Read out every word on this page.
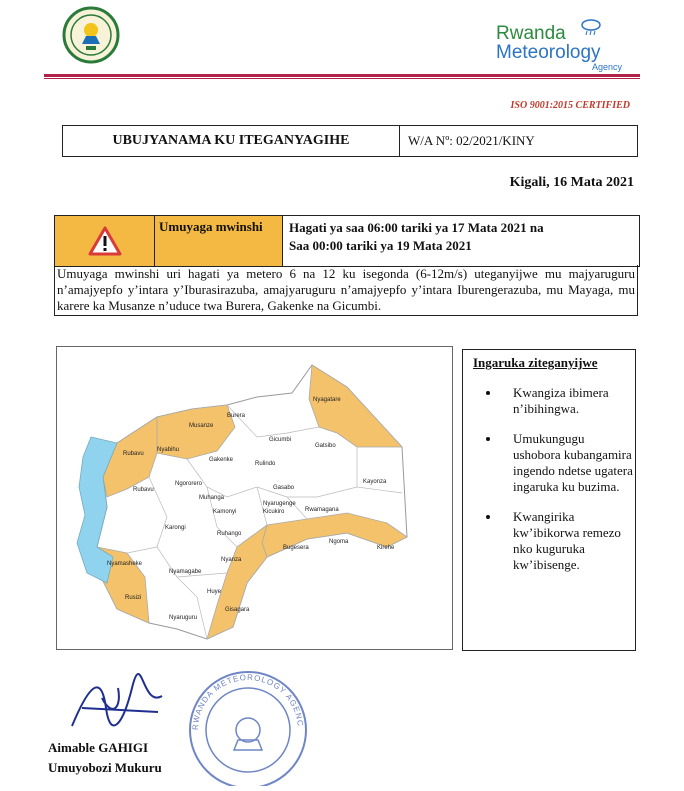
Rwanda
Meteorology
Agency
ISO 9001:2015 CERTIFIED
UBUJYANAMA KU ITEGANYAGIHE	W/A Nº: 02/2021/KINY
Kigali, 16 Mata 2021
Umuyaga mwinshi	Hagati ya saa 06:00 tariki ya 17 Mata 2021 na
Saa 00:00 tariki ya 19 Mata 2021
Umuyaga mwinshi uri hagati ya metero 6 na 12 ku isegonda (6-12m/s) uteganyijwe mu majyaruguru n’amajyepfo y’intara y’Iburasirazuba, amajyaruguru n’amajyepfo y’intara Iburengerazuba, mu Mayaga, mu karere ka Musanze n’uduce twa Burera, Gakenke na Gicumbi.
Nyagatare
Burera
Musanze
Gicumbi
Gatsibo
Rubavu
Nyabihu
Gakenke
Rulindo
Kayonza
Ngororero
Gasabo
Rubavu
Muhanga
Kamonyi
Nyarugenge
Kicukiro	Rwamagana
Karongi
Ruhango
Bugesera
Ngoma
Kirehe
Nyamasheke
Nyamagabe
Nyanza
Rusizi
Huye
Gisagara
Nyaruguru
Ingaruka ziteganyijwe
• Kwangiza ibimera n’ibihingwa.
• Umukungugu ushobora kubangamira ingendo ndetse ugatera ingaruka ku buzima.
• Kwangirika kw’ibikorwa remezo nko kuguruka kw’ibisenge.
Aimable GAHIGI
Umuyobozi Mukuru
RWANDA METEOROLOGY AGENC
